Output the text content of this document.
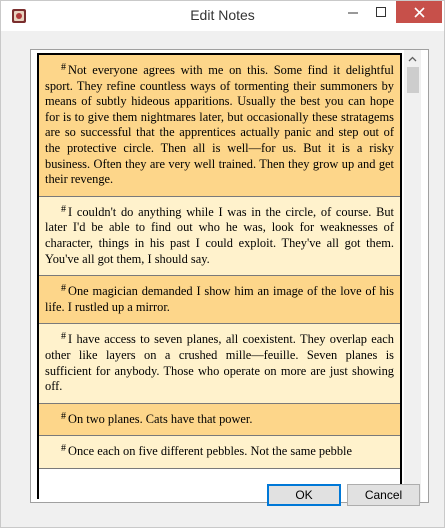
Edit Notes
# Not everyone agrees with me on this. Some find it delightful sport. They refine countless ways of tormenting their summoners by means of subtly hideous apparitions. Usually the best you can hope for is to give them nightmares later, but occasionally these stratagems are so successful that the apprentices actually panic and step out of the protective circle. Then all is well—for us. But it is a risky business. Often they are very well trained. Then they grow up and get their revenge.
# I couldn't do anything while I was in the circle, of course. But later I'd be able to find out who he was, look for weaknesses of character, things in his past I could exploit. They've all got them. You've all got them, I should say.
# One magician demanded I show him an image of the love of his life. I rustled up a mirror.
# I have access to seven planes, all coexistent. They overlap each other like layers on a crushed mille—feuille. Seven planes is sufficient for anybody. Those who operate on more are just showing off.
# On two planes. Cats have that power.
# Once each on five different pebbles. Not the same pebble
OK	Cancel
